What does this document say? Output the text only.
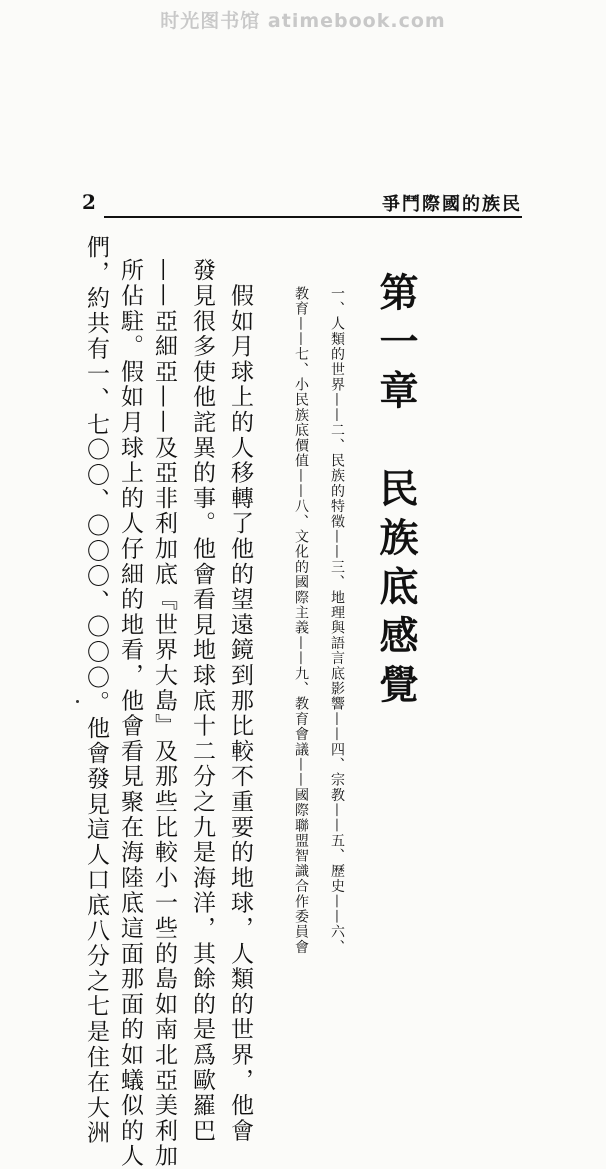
时光图书馆 atimebook.com
2	民族的國際鬥爭
第一章　民族底感覺
一、人類的世界——二、民族的特徵——三、地理與語言底影響——四、宗教——五、歷史——六、
教育——七、小民族底價值——八、文化的國際主義——九、教育會議——國際聯盟智識合作委員會
　假如月球上的人移轉了他的望遠鏡到那比較不重要的地球，人類的世界，他會
發見很多使他詫異的事。他會看見地球底十二分之九是海洋，其餘的是爲歐羅巴
——亞細亞——及亞非利加底『世界大島』及那些比較小一些的島如南北亞美利加
所佔駐。假如月球上的人仔細的地看，他會看見聚在海陸底這面那面的如蟻似的人
們，約共有一、七〇〇、〇〇〇、〇〇〇。他會發見這人口底八分之七是住在大洲
